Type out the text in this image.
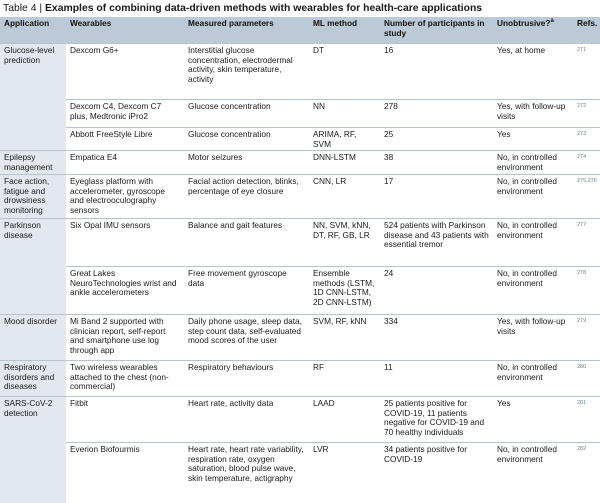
Table 4 | Examples of combining data-driven methods with wearables for health-care applications
Application	Wearables	Measured parameters	ML method	Number of participants in study	Unobtrusive?$^a$	Refs.
Glucose-level prediction	Dexcom G6+	Interstitial glucose concentration, electrodermal activity, skin temperature, activity	DT	16	Yes, at home	271
	Dexcom C4, Dexcom C7 plus, Medtronic iPro2	Glucose concentration	NN	278	Yes, with follow-up visits	272
	Abbott FreeStyle Libre	Glucose concentration	ARIMA, RF, SVM	25	Yes	273
Epilepsy management	Empatica E4	Motor seizures	DNN-LSTM	38	No, in controlled environment	274
Face action, fatigue and drowsiness monitoring	Eyeglass platform with accelerometer, gyroscope and electrooculography sensors	Facial action detection, blinks, percentage of eye closure	CNN, LR	17	No, in controlled environment	275,276
Parkinson disease	Six Opal IMU sensors	Balance and gait features	NN, SVM, kNN, DT, RF, GB, LR	524 patients with Parkinson disease and 43 patients with essential tremor	No, in controlled environment	277
	Great Lakes NeuroTechnologies wrist and ankle accelerometers	Free movement gyroscope data	Ensemble methods (LSTM, 1D CNN-LSTM, 2D CNN-LSTM)	24	No, in controlled environment	278
Mood disorder	Mi Band 2 supported with clinician report, self-report and smartphone use log through app	Daily phone usage, sleep data, step count data, self-evaluated mood scores of the user	SVM, RF, kNN	334	Yes, with follow-up visits	279
Respiratory disorders and diseases	Two wireless wearables attached to the chest (non-commercial)	Respiratory behaviours	RF	11	No, in controlled environment	280
SARS-CoV-2 detection	Fitbit	Heart rate, activity data	LAAD	25 patients positive for COVID-19, 11 patients negative for COVID-19 and 70 healthy individuals	Yes	281
	Everion Biofourmis	Heart rate, heart rate variability, respiration rate, oxygen saturation, blood pulse wave, skin temperature, actigraphy	LVR	34 patients positive for COVID-19	No, in controlled environment	282
